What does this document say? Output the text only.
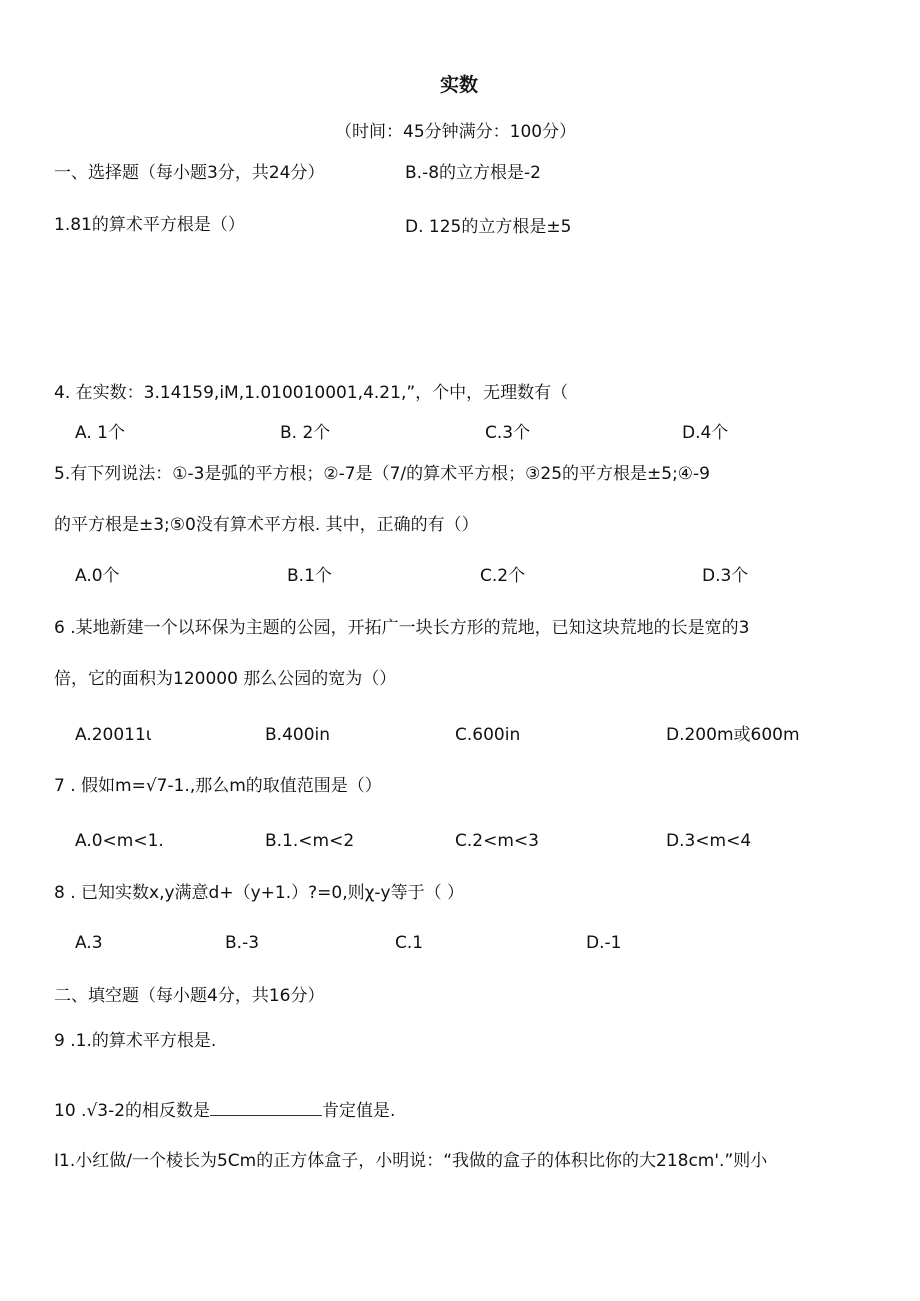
实数
（时间：45分钟满分：100分）
一、选择题（每小题3分，共24分）	B.-8的立方根是-2
1.81的算术平方根是（）	D. 125的立方根是±5
4. 在实数：3.14159,iM,1.010010001,4.21,”，个中，无理数有（
A. 1个	B. 2个	C.3个	D.4个
5.有下列说法：①-3是弧的平方根；②-7是（7/的算术平方根；③25的平方根是±5;④-9
的平方根是±3;⑤0没有算术平方根. 其中，正确的有（）
A.0个	B.1个	C.2个	D.3个
6 .某地新建一个以环保为主题的公园，开拓广一块长方形的荒地，已知这块荒地的长是宽的3
倍，它的面积为120000 那么公园的宽为（）
A.20011ι	B.400in	C.600in	D.200m或600m
7 . 假如m=√7-1.,那么m的取值范围是（）
A.0<m<1.	B.1.<m<2	C.2<m<3	D.3<m<4
8 . 已知实数x,y满意d+（y+1.）?=0,则χ-y等于（ ）
A.3	B.-3	C.1	D.-1
二、填空题（每小题4分，共16分）
9 .1.的算术平方根是.
10 .√3-2的相反数是	肯定值是.
I1.小红做/一个棱长为5Cm的正方体盒子，小明说：“我做的盒子的体积比你的大218cm'.”则小
